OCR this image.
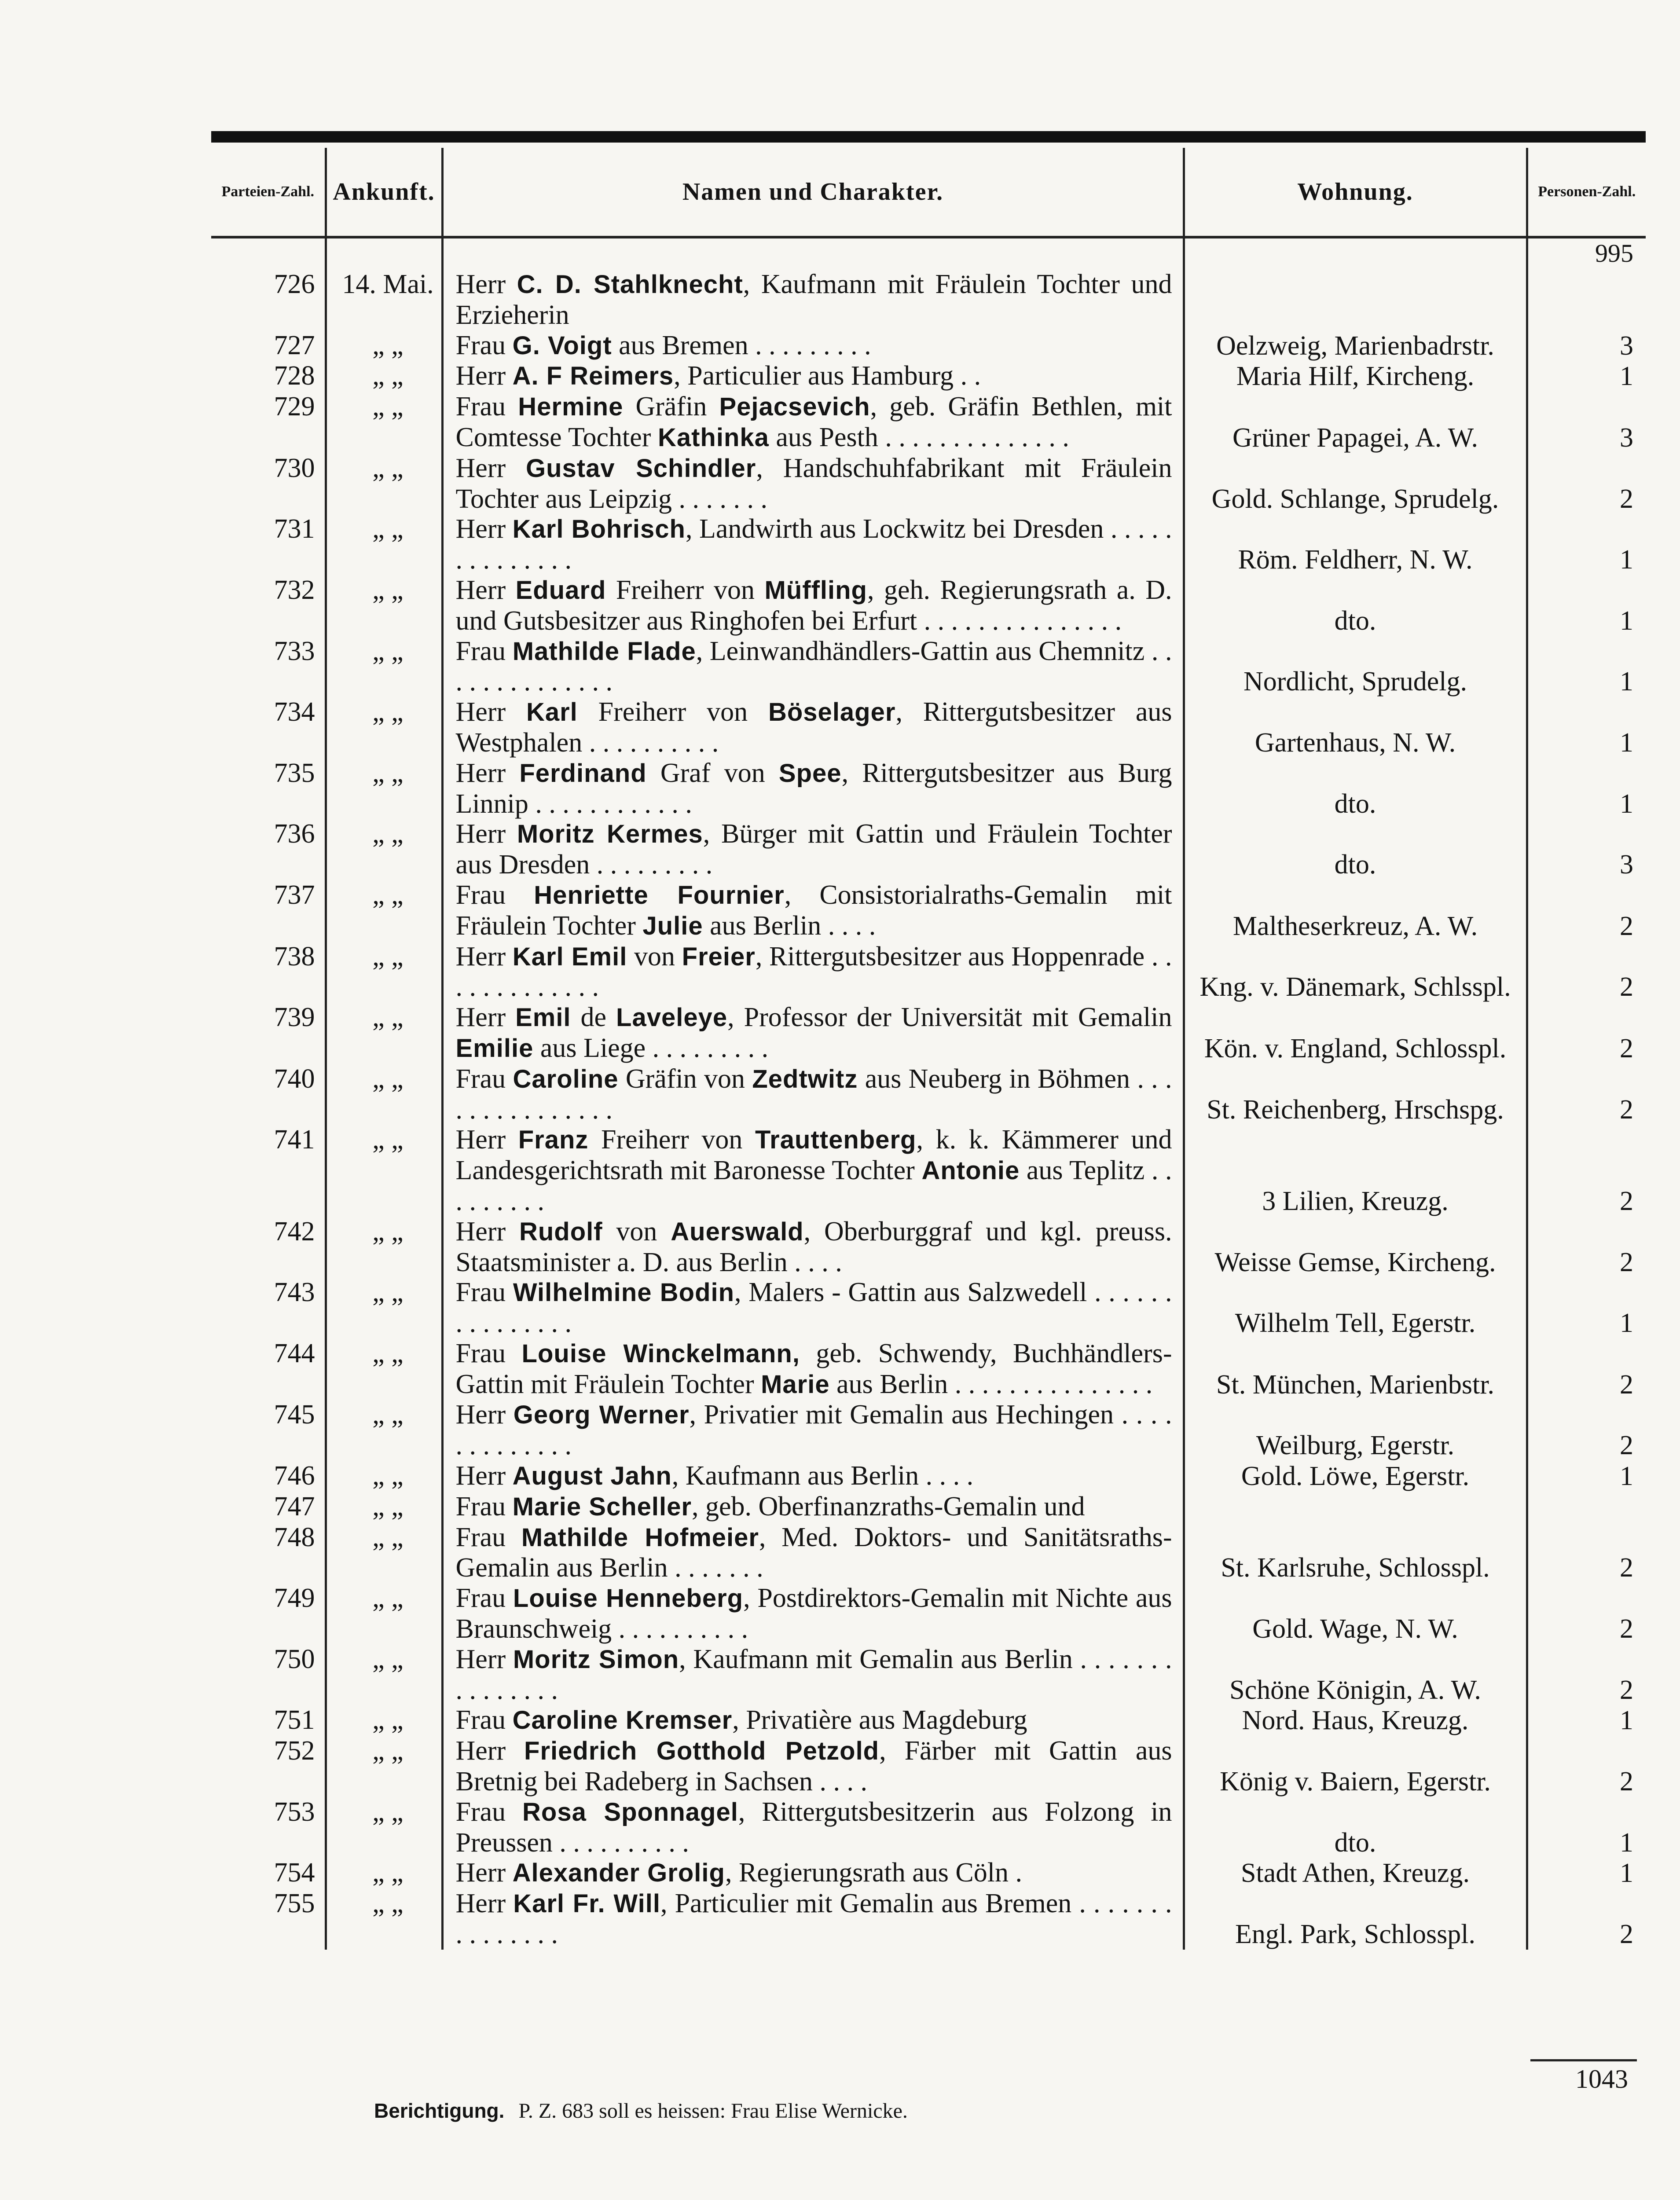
Parteien-Zahl.	Ankunft.	Namen und Charakter.	Wohnung.	Personen-Zahl.
				995
726	14. Mai.	Herr C. D. Stahlknecht, Kaufmann mit Fräulein Tochter und Erzieherin		
727	„ „	Frau G. Voigt aus Bremen . . . . . . . . .	Oelzweig, Marienbadrstr.	3
728	„ „	Herr A. F Reimers, Particulier aus Hamburg . .	Maria Hilf, Kircheng.	1
729	„ „	Frau Hermine Gräfin Pejacsevich, geb. Gräfin Bethlen, mit Comtesse Tochter Kathinka aus Pesth . . . . . . . . . . . . . .	Grüner Papagei, A. W.	3
730	„ „	Herr Gustav Schindler, Handschuhfabrikant mit Fräulein Tochter aus Leipzig . . . . . . .	Gold. Schlange, Sprudelg.	2
731	„ „	Herr Karl Bohrisch, Landwirth aus Lockwitz bei Dresden . . . . . . . . . . . . . .	Röm. Feldherr, N. W.	1
732	„ „	Herr Eduard Freiherr von Müffling, geh. Regierungsrath a. D. und Gutsbesitzer aus Ringhofen bei Erfurt . . . . . . . . . . . . . . .	dto.	1
733	„ „	Frau Mathilde Flade, Leinwandhändlers-Gattin aus Chemnitz . . . . . . . . . . . . . .	Nordlicht, Sprudelg.	1
734	„ „	Herr Karl Freiherr von Böselager, Rittergutsbesitzer aus Westphalen . . . . . . . . . .	Gartenhaus, N. W.	1
735	„ „	Herr Ferdinand Graf von Spee, Rittergutsbesitzer aus Burg Linnip . . . . . . . . . . . .	dto.	1
736	„ „	Herr Moritz Kermes, Bürger mit Gattin und Fräulein Tochter aus Dresden . . . . . . . . .	dto.	3
737	„ „	Frau Henriette Fournier, Consistorialraths-Gemalin mit Fräulein Tochter Julie aus Berlin . . . .	Maltheserkreuz, A. W.	2
738	„ „	Herr Karl Emil von Freier, Rittergutsbesitzer aus Hoppenrade . . . . . . . . . . . . .	Kng. v. Dänemark, Schlsspl.	2
739	„ „	Herr Emil de Laveleye, Professor der Universität mit Gemalin Emilie aus Liege . . . . . . . . .	Kön. v. England, Schlosspl.	2
740	„ „	Frau Caroline Gräfin von Zedtwitz aus Neuberg in Böhmen . . . . . . . . . . . . . . .	St. Reichenberg, Hrschspg.	2
741	„ „	Herr Franz Freiherr von Trauttenberg, k. k. Kämmerer und Landesgerichtsrath mit Baronesse Tochter Antonie aus Teplitz . . . . . . . . .	3 Lilien, Kreuzg.	2
742	„ „	Herr Rudolf von Auerswald, Oberburggraf und kgl. preuss. Staatsminister a. D. aus Berlin . . . .	Weisse Gemse, Kircheng.	2
743	„ „	Frau Wilhelmine Bodin, Malers - Gattin aus Salzwedell . . . . . . . . . . . . . . .	Wilhelm Tell, Egerstr.	1
744	„ „	Frau Louise Winckelmann, geb. Schwendy, Buchhändlers-Gattin mit Fräulein Tochter Marie aus Berlin . . . . . . . . . . . . . . .	St. München, Marienbstr.	2
745	„ „	Herr Georg Werner, Privatier mit Gemalin aus Hechingen . . . . . . . . . . . . .	Weilburg, Egerstr.	2
746	„ „	Herr August Jahn, Kaufmann aus Berlin . . . .	Gold. Löwe, Egerstr.	1
747	„ „	Frau Marie Scheller, geb. Oberfinanzraths-Gemalin und		
748	„ „	Frau Mathilde Hofmeier, Med. Doktors- und Sanitätsraths-Gemalin aus Berlin . . . . . . .	St. Karlsruhe, Schlosspl.	2
749	„ „	Frau Louise Henneberg, Postdirektors-Gemalin mit Nichte aus Braunschweig . . . . . . . . . .	Gold. Wage, N. W.	2
750	„ „	Herr Moritz Simon, Kaufmann mit Gemalin aus Berlin . . . . . . . . . . . . . . .	Schöne Königin, A. W.	2
751	„ „	Frau Caroline Kremser, Privatière aus Magdeburg	Nord. Haus, Kreuzg.	1
752	„ „	Herr Friedrich Gotthold Petzold, Färber mit Gattin aus Bretnig bei Radeberg in Sachsen . . . .	König v. Baiern, Egerstr.	2
753	„ „	Frau Rosa Sponnagel, Rittergutsbesitzerin aus Folzong in Preussen . . . . . . . . . .	dto.	1
754	„ „	Herr Alexander Grolig, Regierungsrath aus Cöln .	Stadt Athen, Kreuzg.	1
755	„ „	Herr Karl Fr. Will, Particulier mit Gemalin aus Bremen . . . . . . . . . . . . . . .	Engl. Park, Schlosspl.	2
1043
Berichtigung. P. Z. 683 soll es heissen: Frau Elise Wernicke.
